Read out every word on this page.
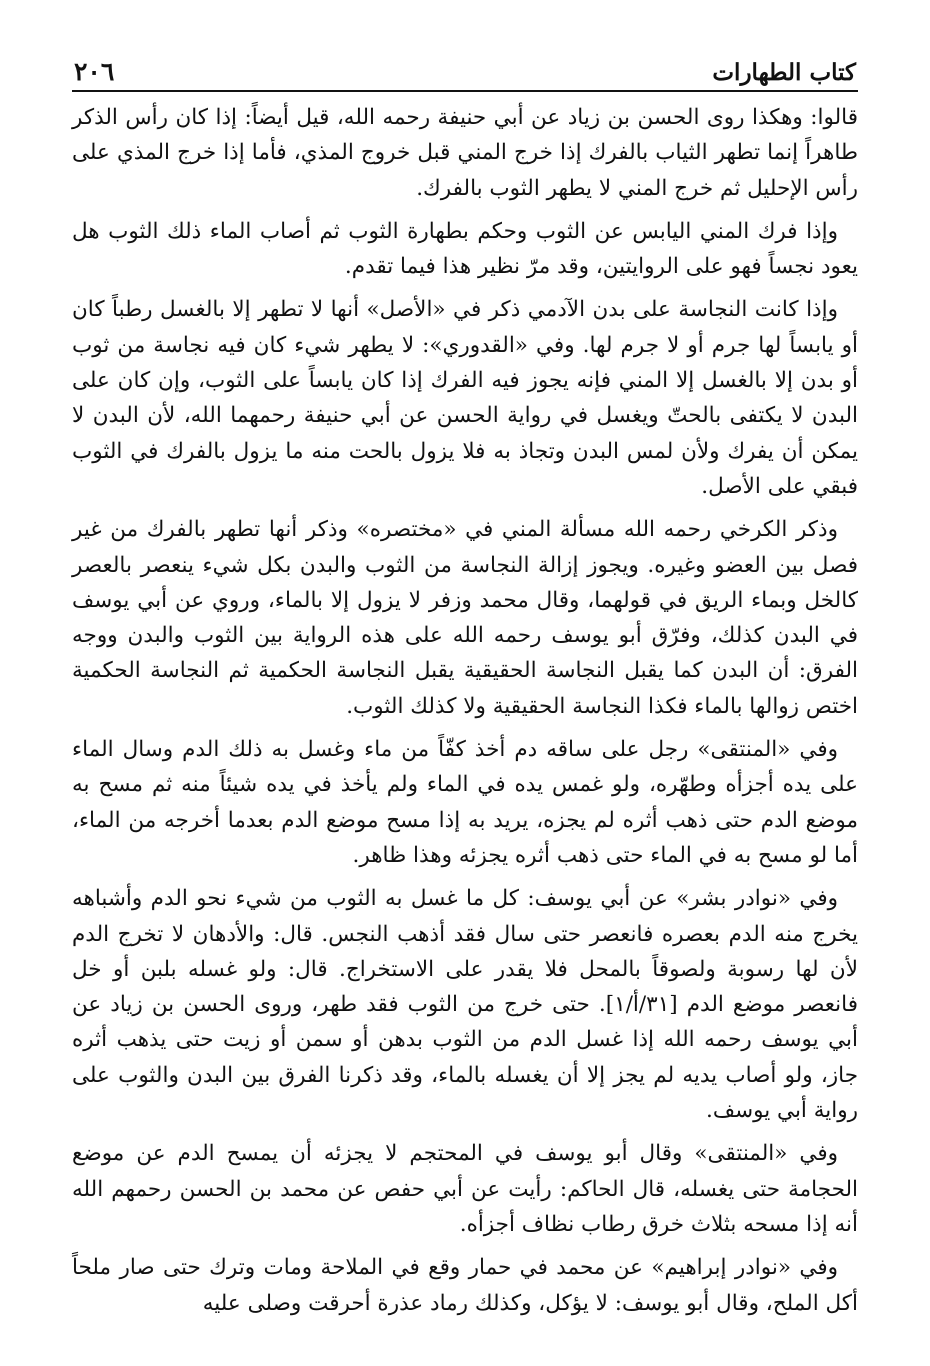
كتاب الطهارات
٢٠٦

قالوا: وهكذا روى الحسن بن زياد عن أبي حنيفة رحمه الله، قيل أيضاً: إذا كان رأس الذكر طاهراً إنما تطهر الثياب بالفرك إذا خرج المني قبل خروج المذي، فأما إذا خرج المذي على رأس الإحليل ثم خرج المني لا يطهر الثوب بالفرك.

وإذا فرك المني اليابس عن الثوب وحكم بطهارة الثوب ثم أصاب الماء ذلك الثوب هل يعود نجساً فهو على الروايتين، وقد مرّ نظير هذا فيما تقدم.

وإذا كانت النجاسة على بدن الآدمي ذكر في «الأصل» أنها لا تطهر إلا بالغسل رطباً كان أو يابساً لها جرم أو لا جرم لها. وفي «القدوري»: لا يطهر شيء كان فيه نجاسة من ثوب أو بدن إلا بالغسل إلا المني فإنه يجوز فيه الفرك إذا كان يابساً على الثوب، وإن كان على البدن لا يكتفى بالحتّ ويغسل في رواية الحسن عن أبي حنيفة رحمهما الله، لأن البدن لا يمكن أن يفرك ولأن لمس البدن وتجاذ به فلا يزول بالحت منه ما يزول بالفرك في الثوب فبقي على الأصل.

وذكر الكرخي رحمه الله مسألة المني في «مختصره» وذكر أنها تطهر بالفرك من غير فصل بين العضو وغيره. ويجوز إزالة النجاسة من الثوب والبدن بكل شيء ينعصر بالعصر كالخل وبماء الريق في قولهما، وقال محمد وزفر لا يزول إلا بالماء، وروي عن أبي يوسف في البدن كذلك، وفرّق أبو يوسف رحمه الله على هذه الرواية بين الثوب والبدن ووجه الفرق: أن البدن كما يقبل النجاسة الحقيقية يقبل النجاسة الحكمية ثم النجاسة الحكمية اختص زوالها بالماء فكذا النجاسة الحقيقية ولا كذلك الثوب.

وفي «المنتقى» رجل على ساقه دم أخذ كفّاً من ماء وغسل به ذلك الدم وسال الماء على يده أجزأه وطهّره، ولو غمس يده في الماء ولم يأخذ في يده شيئاً منه ثم مسح به موضع الدم حتى ذهب أثره لم يجزه، يريد به إذا مسح موضع الدم بعدما أخرجه من الماء، أما لو مسح به في الماء حتى ذهب أثره يجزئه وهذا ظاهر.

وفي «نوادر بشر» عن أبي يوسف: كل ما غسل به الثوب من شيء نحو الدم وأشباهه يخرج منه الدم بعصره فانعصر حتى سال فقد أذهب النجس. قال: والأدهان لا تخرج الدم لأن لها رسوبة ولصوقاً بالمحل فلا يقدر على الاستخراج. قال: ولو غسله بلبن أو خل فانعصر موضع الدم [٣١/أ/١]. حتى خرج من الثوب فقد طهر، وروى الحسن بن زياد عن أبي يوسف رحمه الله إذا غسل الدم من الثوب بدهن أو سمن أو زيت حتى يذهب أثره جاز، ولو أصاب يديه لم يجز إلا أن يغسله بالماء، وقد ذكرنا الفرق بين البدن والثوب على رواية أبي يوسف.

وفي «المنتقى» وقال أبو يوسف في المحتجم لا يجزئه أن يمسح الدم عن موضع الحجامة حتى يغسله، قال الحاكم: رأيت عن أبي حفص عن محمد بن الحسن رحمهم الله أنه إذا مسحه بثلاث خرق رطاب نظاف أجزأه.

وفي «نوادر إبراهيم» عن محمد في حمار وقع في الملاحة ومات وترك حتى صار ملحاً أكل الملح، وقال أبو يوسف: لا يؤكل، وكذلك رماد عذرة أحرقت وصلى عليه
